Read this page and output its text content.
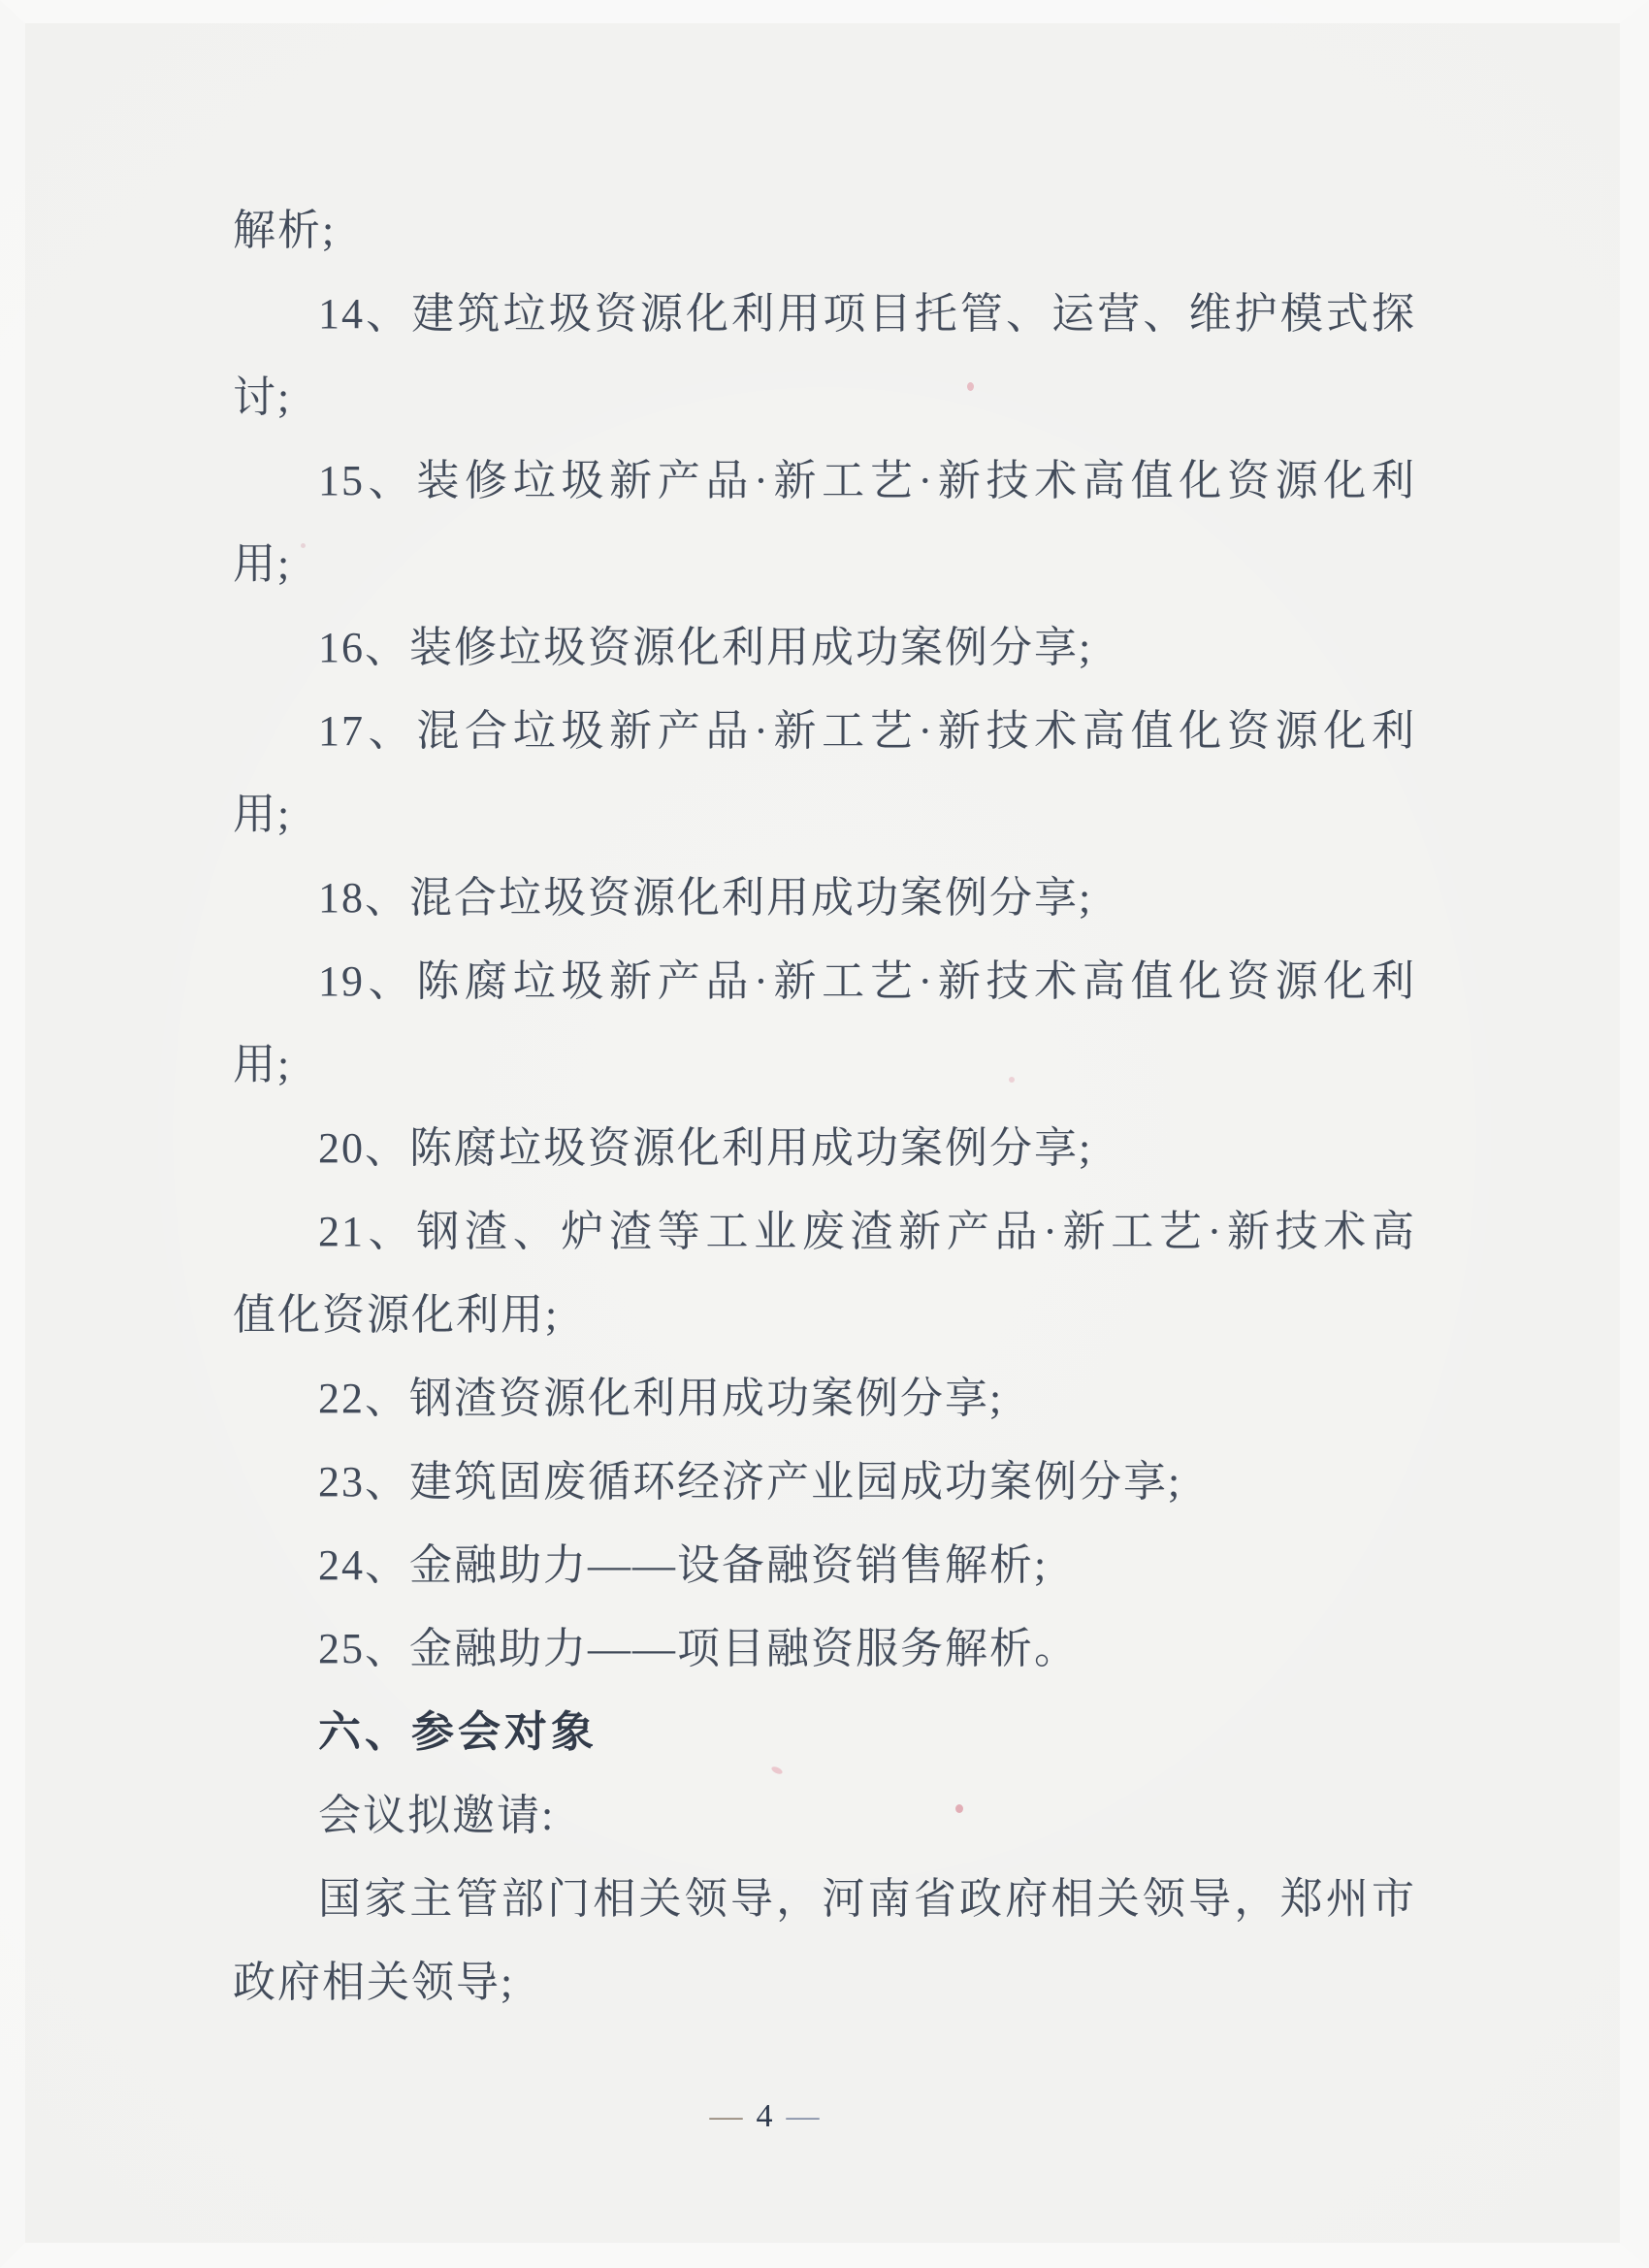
解析;
14、建筑垃圾资源化利用项目托管、运营、维护模式探
讨;
15、装修垃圾新产品·新工艺·新技术高值化资源化利
用;
16、装修垃圾资源化利用成功案例分享;
17、混合垃圾新产品·新工艺·新技术高值化资源化利
用;
18、混合垃圾资源化利用成功案例分享;
19、陈腐垃圾新产品·新工艺·新技术高值化资源化利
用;
20、陈腐垃圾资源化利用成功案例分享;
21、钢渣、炉渣等工业废渣新产品·新工艺·新技术高
值化资源化利用;
22、钢渣资源化利用成功案例分享;
23、建筑固废循环经济产业园成功案例分享;
24、金融助力——设备融资销售解析;
25、金融助力——项目融资服务解析。
六、参会对象
会议拟邀请:
国家主管部门相关领导，河南省政府相关领导，郑州市
政府相关领导;
— 4 —
